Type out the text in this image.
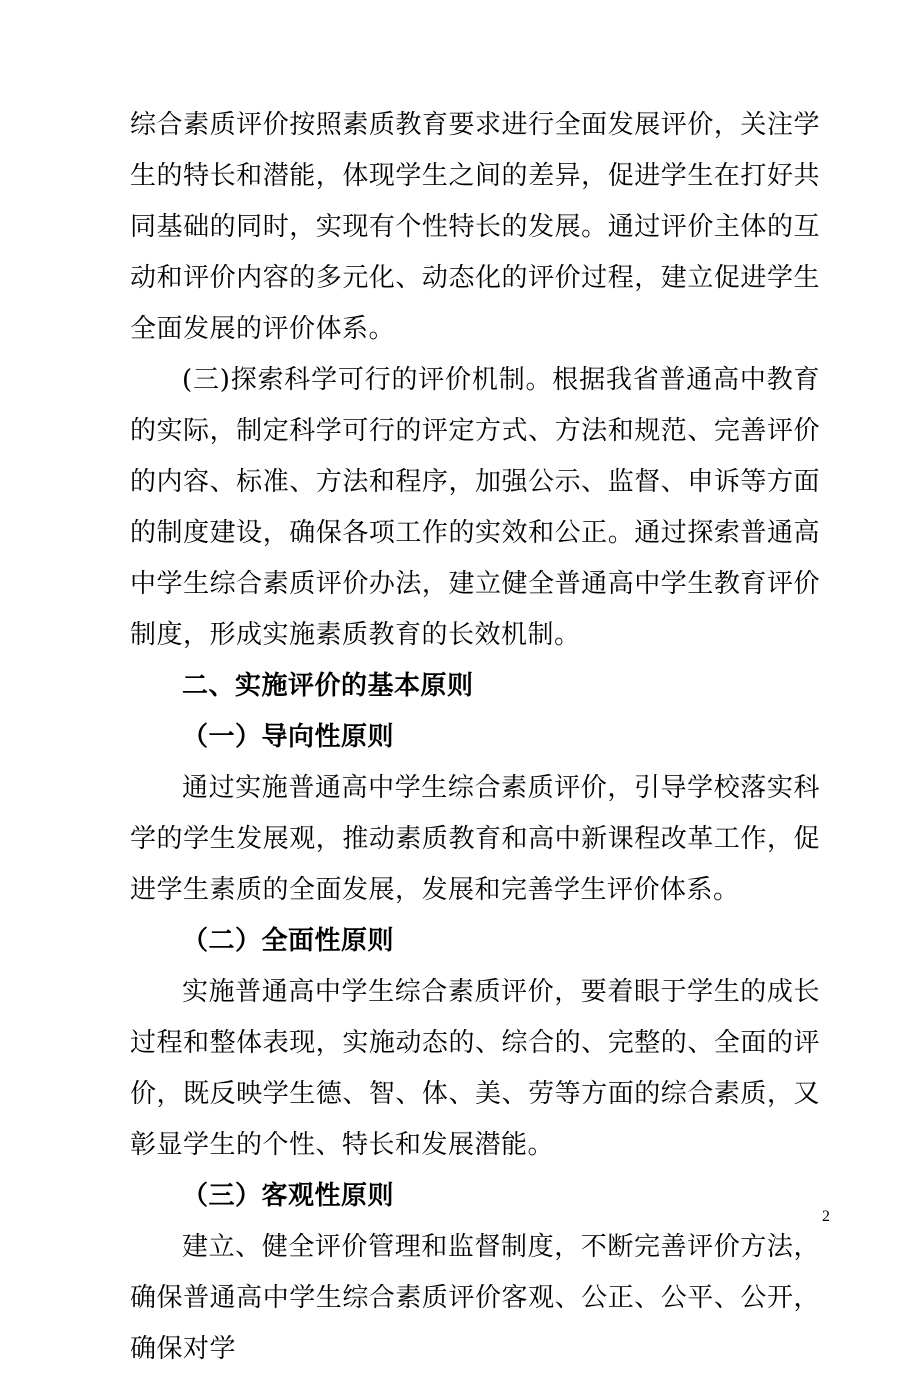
综合素质评价按照素质教育要求进行全面发展评价，关注学生的特长和潜能，体现学生之间的差异，促进学生在打好共同基础的同时，实现有个性特长的发展。通过评价主体的互动和评价内容的多元化、动态化的评价过程，建立促进学生全面发展的评价体系。

(三)探索科学可行的评价机制。根据我省普通高中教育的实际，制定科学可行的评定方式、方法和规范、完善评价的内容、标准、方法和程序，加强公示、监督、申诉等方面的制度建设，确保各项工作的实效和公正。通过探索普通高中学生综合素质评价办法，建立健全普通高中学生教育评价制度，形成实施素质教育的长效机制。

二、实施评价的基本原则

（一）导向性原则

通过实施普通高中学生综合素质评价，引导学校落实科学的学生发展观，推动素质教育和高中新课程改革工作，促进学生素质的全面发展，发展和完善学生评价体系。

（二）全面性原则

实施普通高中学生综合素质评价，要着眼于学生的成长过程和整体表现，实施动态的、综合的、完整的、全面的评价，既反映学生德、智、体、美、劳等方面的综合素质，又彰显学生的个性、特长和发展潜能。

（三）客观性原则

建立、健全评价管理和监督制度，不断完善评价方法，确保普通高中学生综合素质评价客观、公正、公平、公开，确保对学

2
